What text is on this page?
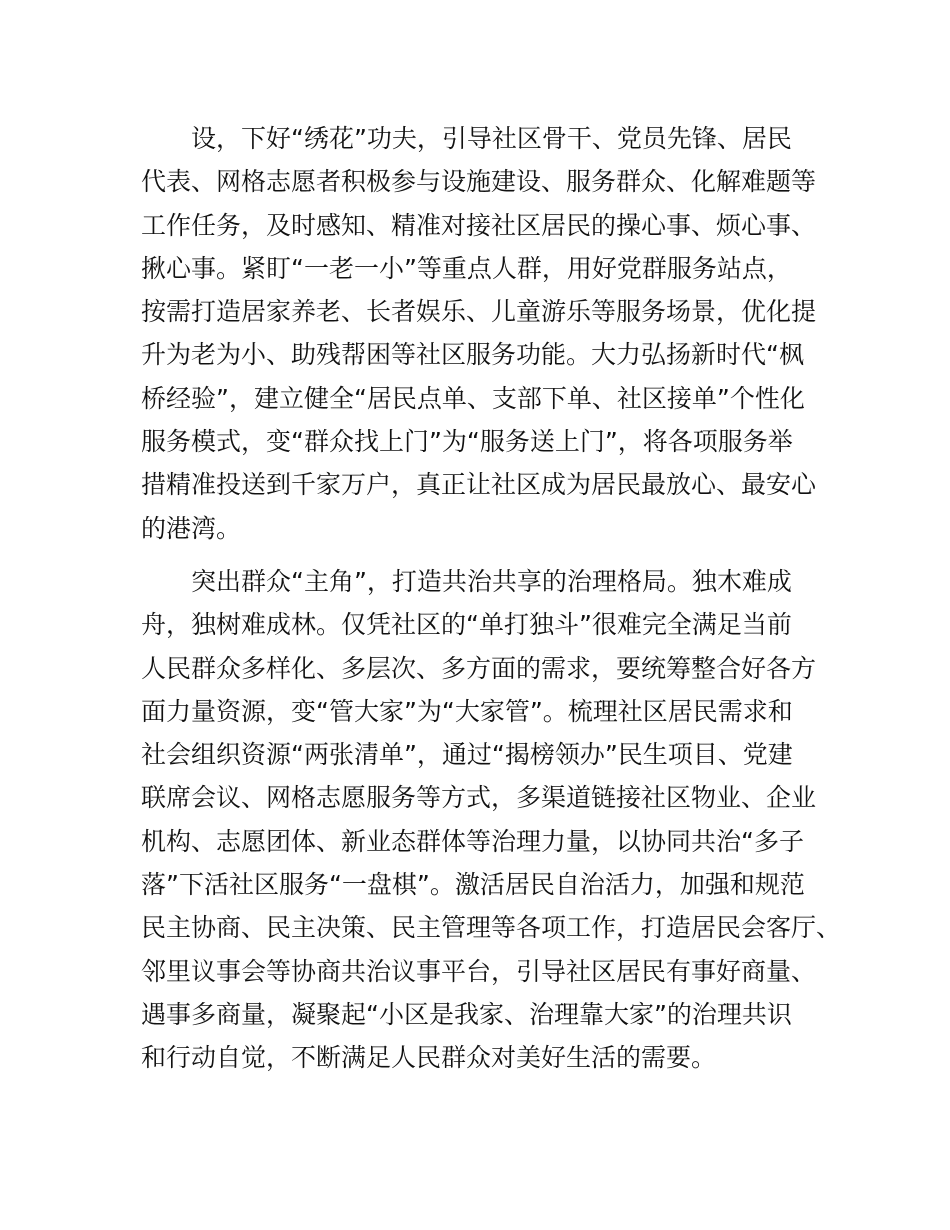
设，下好“绣花”功夫，引导社区骨干、党员先锋、居民
代表、网格志愿者积极参与设施建设、服务群众、化解难题等
工作任务，及时感知、精准对接社区居民的操心事、烦心事、
揪心事。紧盯“一老一小”等重点人群，用好党群服务站点，
按需打造居家养老、长者娱乐、儿童游乐等服务场景，优化提
升为老为小、助残帮困等社区服务功能。大力弘扬新时代“枫
桥经验”，建立健全“居民点单、支部下单、社区接单”个性化
服务模式，变“群众找上门”为“服务送上门”，将各项服务举
措精准投送到千家万户，真正让社区成为居民最放心、最安心
的港湾。
突出群众“主角”，打造共治共享的治理格局。独木难成
舟，独树难成林。仅凭社区的“单打独斗”很难完全满足当前
人民群众多样化、多层次、多方面的需求，要统筹整合好各方
面力量资源，变“管大家”为“大家管”。梳理社区居民需求和
社会组织资源“两张清单”，通过“揭榜领办”民生项目、党建
联席会议、网格志愿服务等方式，多渠道链接社区物业、企业
机构、志愿团体、新业态群体等治理力量，以协同共治“多子
落”下活社区服务“一盘棋”。激活居民自治活力，加强和规范
民主协商、民主决策、民主管理等各项工作，打造居民会客厅、
邻里议事会等协商共治议事平台，引导社区居民有事好商量、
遇事多商量，凝聚起“小区是我家、治理靠大家”的治理共识
和行动自觉，不断满足人民群众对美好生活的需要。
